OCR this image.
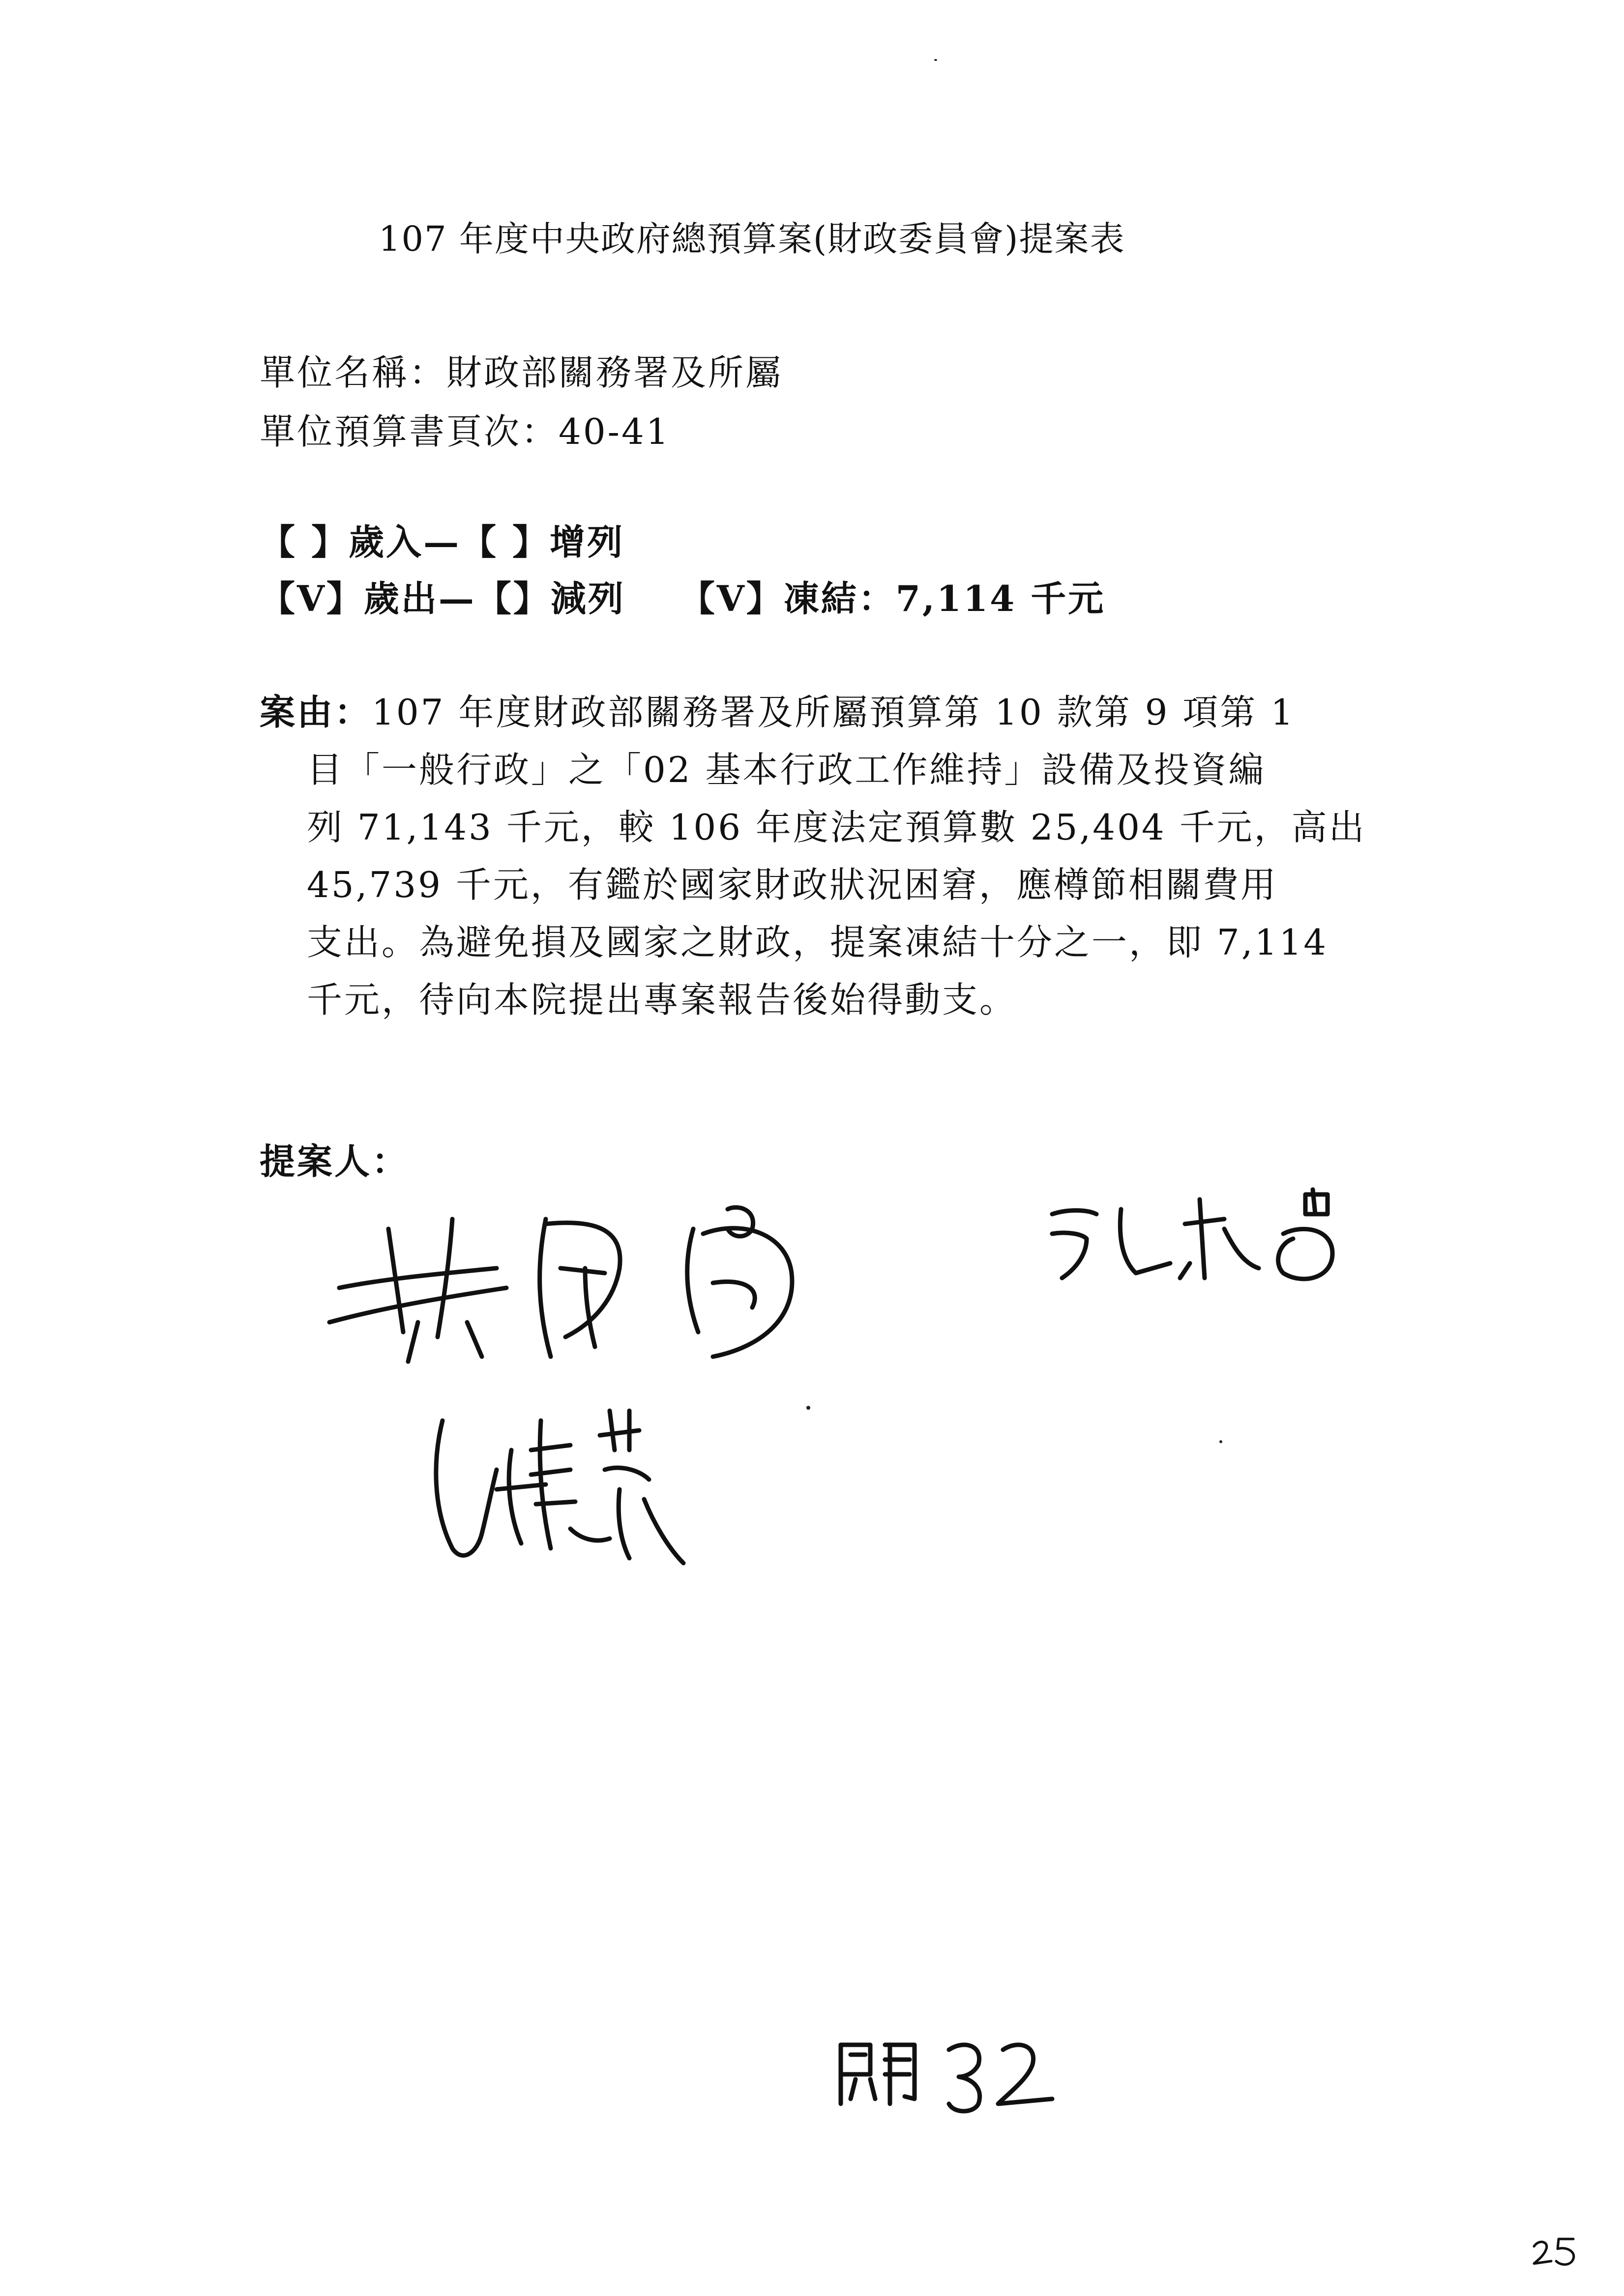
107 年度中央政府總預算案(財政委員會)提案表
單位名稱：財政部關務署及所屬
單位預算書頁次：40-41
【 】歲入—【 】增列
【V】歲出—【】減列 【V】凍結：7,114 千元
案由：107 年度財政部關務署及所屬預算第 10 款第 9 項第 1
目「一般行政」之「02 基本行政工作維持」設備及投資編
列 71,143 千元，較 106 年度法定預算數 25,404 千元，高出
45,739 千元，有鑑於國家財政狀況困窘，應樽節相關費用
支出。為避免損及國家之財政，提案凍結十分之一，即 7,114
千元，待向本院提出專案報告後始得動支。
提案人：
